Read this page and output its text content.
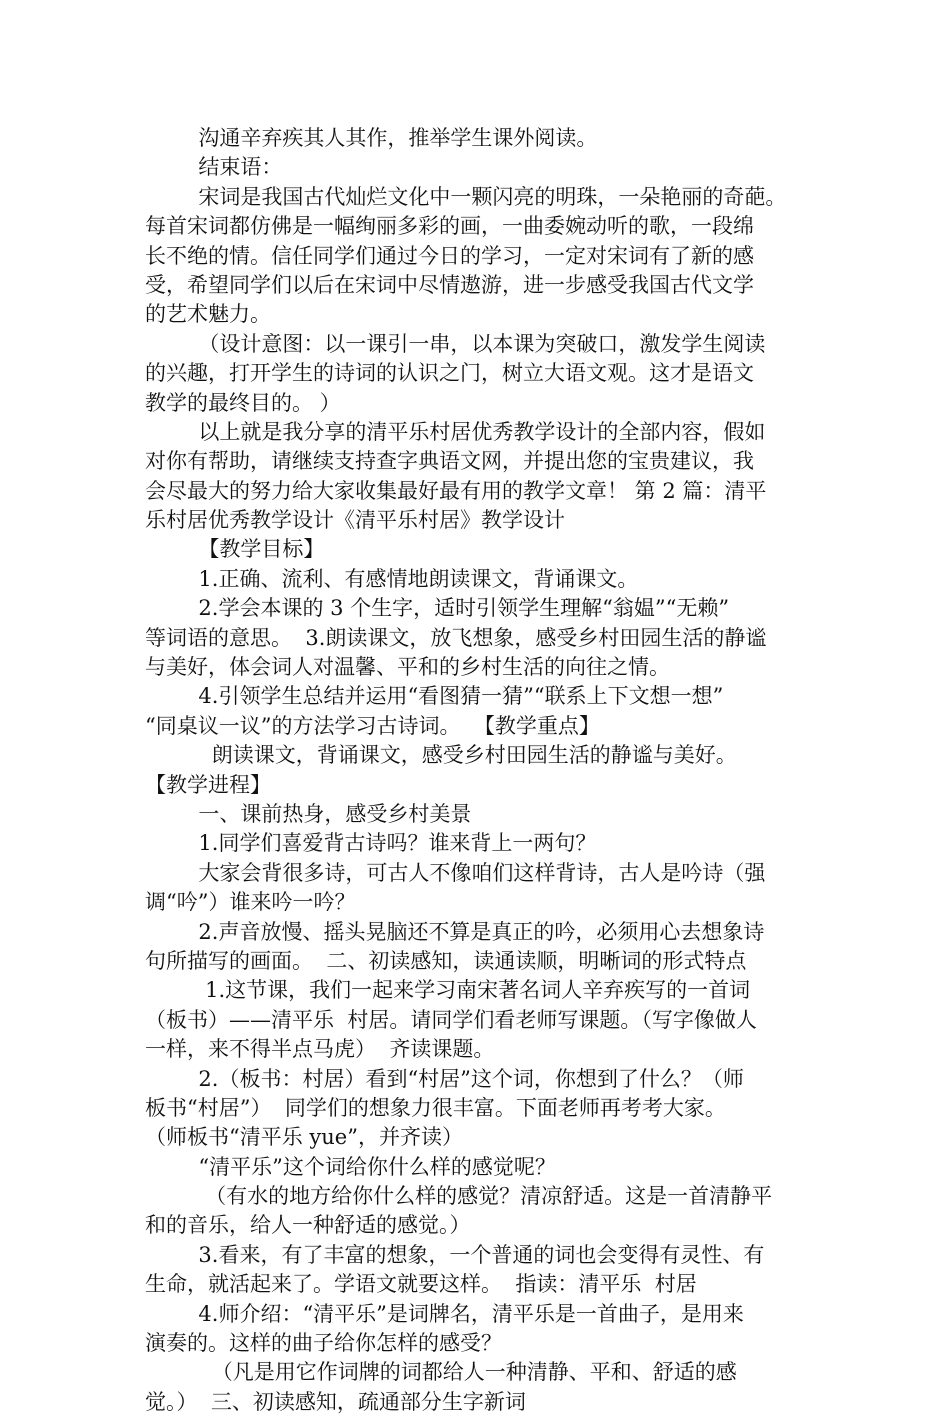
沟通辛弃疾其人其作，推举学生课外阅读。
结束语：
宋词是我国古代灿烂文化中一颗闪亮的明珠，一朵艳丽的奇葩。
每首宋词都仿佛是一幅绚丽多彩的画，一曲委婉动听的歌，一段绵
长不绝的情。信任同学们通过今日的学习，一定对宋词有了新的感
受，希望同学们以后在宋词中尽情遨游，进一步感受我国古代文学
的艺术魅力。
（设计意图：以一课引一串，以本课为突破口，激发学生阅读
的兴趣，打开学生的诗词的认识之门，树立大语文观。这才是语文
教学的最终目的。 ）
以上就是我分享的清平乐村居优秀教学设计的全部内容，假如
对你有帮助，请继续支持查字典语文网，并提出您的宝贵建议，我
会尽最大的努力给大家收集最好最有用的教学文章！ 第 2 篇：清平
乐村居优秀教学设计《清平乐村居》教学设计
【教学目标】
1.正确、流利、有感情地朗读课文，背诵课文。
2.学会本课的 3 个生字，适时引领学生理解“翁媪”“无赖”
等词语的意思。  3.朗读课文，放飞想象，感受乡村田园生活的静谧
与美好，体会词人对温馨、平和的乡村生活的向往之情。
4.引领学生总结并运用“看图猜一猜”“联系上下文想一想”
“同桌议一议”的方法学习古诗词。  【教学重点】
朗读课文，背诵课文，感受乡村田园生活的静谧与美好。
【教学进程】
一、课前热身，感受乡村美景
1.同学们喜爱背古诗吗？谁来背上一两句？
大家会背很多诗，可古人不像咱们这样背诗，古人是吟诗（强
调“吟”）谁来吟一吟？
2.声音放慢、摇头晃脑还不算是真正的吟，必须用心去想象诗
句所描写的画面。  二、初读感知，读通读顺，明晰词的形式特点
1.这节课，我们一起来学习南宋著名词人辛弃疾写的一首词
（板书）——清平乐  村居。请同学们看老师写课题。（写字像做人
一样，来不得半点马虎）  齐读课题。
2.（板书：村居）看到“村居”这个词，你想到了什么？（师
板书“村居”）  同学们的想象力很丰富。下面老师再考考大家。
（师板书“清平乐 yue”，并齐读）
“清平乐”这个词给你什么样的感觉呢？
（有水的地方给你什么样的感觉？清凉舒适。这是一首清静平
和的音乐，给人一种舒适的感觉。）
3.看来，有了丰富的想象，一个普通的词也会变得有灵性、有
生命，就活起来了。学语文就要这样。  指读：清平乐  村居
4.师介绍：“清平乐”是词牌名，清平乐是一首曲子，是用来
演奏的。这样的曲子给你怎样的感受？
（凡是用它作词牌的词都给人一种清静、平和、舒适的感
觉。）  三、初读感知，疏通部分生字新词
